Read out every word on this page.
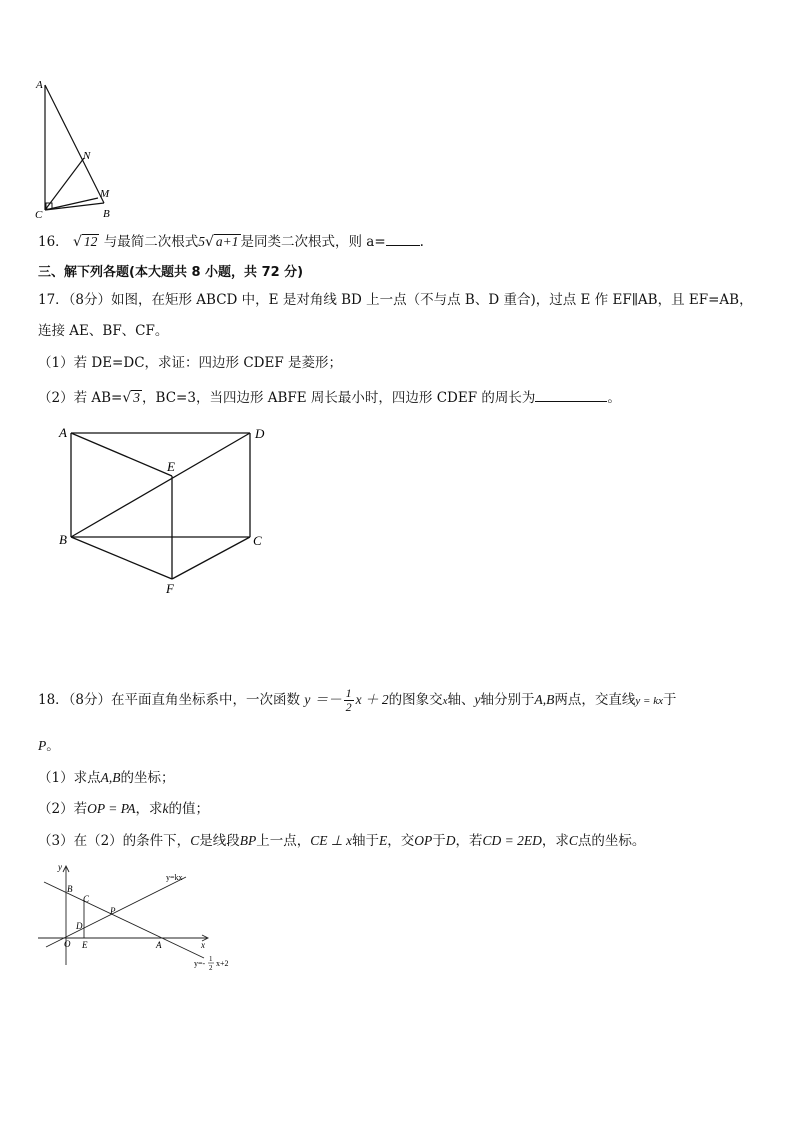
A
N
M
C	B
16． √ 12 与最简二次根式5√ a+1 是同类二次根式，则 a=	.
三、解下列各题(本大题共 8 小题，共 72 分)
17．（8分）如图，在矩形 ABCD 中，E 是对角线 BD 上一点（不与点 B、D 重合)，过点 E 作 EF∥AB，且 EF=AB，
连接 AE、BF、CF。
（1）若 DE=DC，求证：四边形 CDEF 是菱形；
（2）若 AB=√ 3 ，BC=3，当四边形 ABFE 周长最小时，四边形 CDEF 的周长为	。
A	D
E
B	C
F
18．（8分）在平面直角坐标系中，一次函数 $y =- \frac{1}{2}$ x ＋ 2的图象交x轴、y轴分别于A,B两点，交直线y = kx于
P。
（1）求点A,B的坐标；
（2）若OP = PA，求k的值；
（3）在（2）的条件下，C是线段BP上一点，CE ⊥ x轴于E，交OP于D，若CD = 2ED，求C点的坐标。
y
x
B
C
P
D
O E	A
y=kx
y=- 1
2 x+2
